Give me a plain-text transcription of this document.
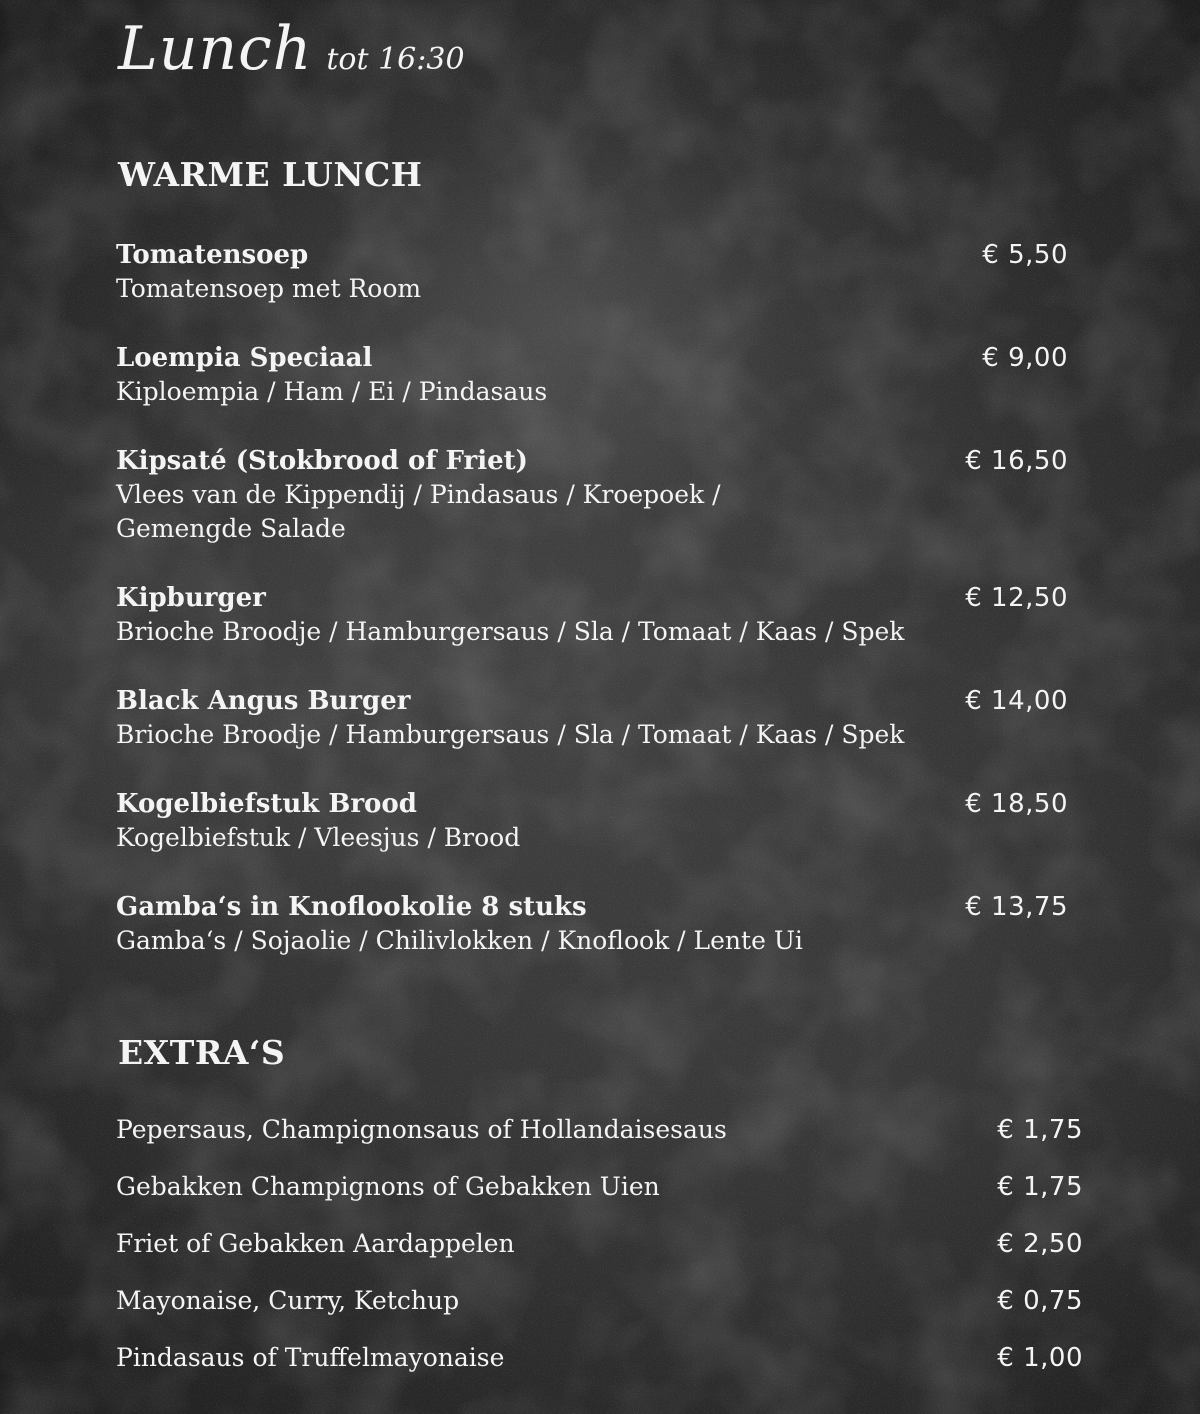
Lunch tot 16:30
WARME LUNCH
Tomatensoep
Tomatensoep met Room
€ 5,50
Loempia Speciaal
Kiploempia / Ham / Ei / Pindasaus
€ 9,00
Kipsaté (Stokbrood of Friet)
Vlees van de Kippendij / Pindasaus / Kroepoek / Gemengde Salade
€ 16,50
Kipburger
Brioche Broodje / Hamburgersaus / Sla / Tomaat / Kaas / Spek
€ 12,50
Black Angus Burger
Brioche Broodje / Hamburgersaus / Sla / Tomaat / Kaas / Spek
€ 14,00
Kogelbiefstuk Brood
Kogelbiefstuk / Vleesjus / Brood
€ 18,50
Gamba‘s in Knoflookolie 8 stuks
Gamba‘s / Sojaolie / Chilivlokken / Knoflook / Lente Ui
€ 13,75
EXTRA‘S
Pepersaus, Champignonsaus of Hollandaisesaus	€ 1,75
Gebakken Champignons of Gebakken Uien	€ 1,75
Friet of Gebakken Aardappelen	€ 2,50
Mayonaise, Curry, Ketchup	€ 0,75
Pindasaus of Truffelmayonaise	€ 1,00
